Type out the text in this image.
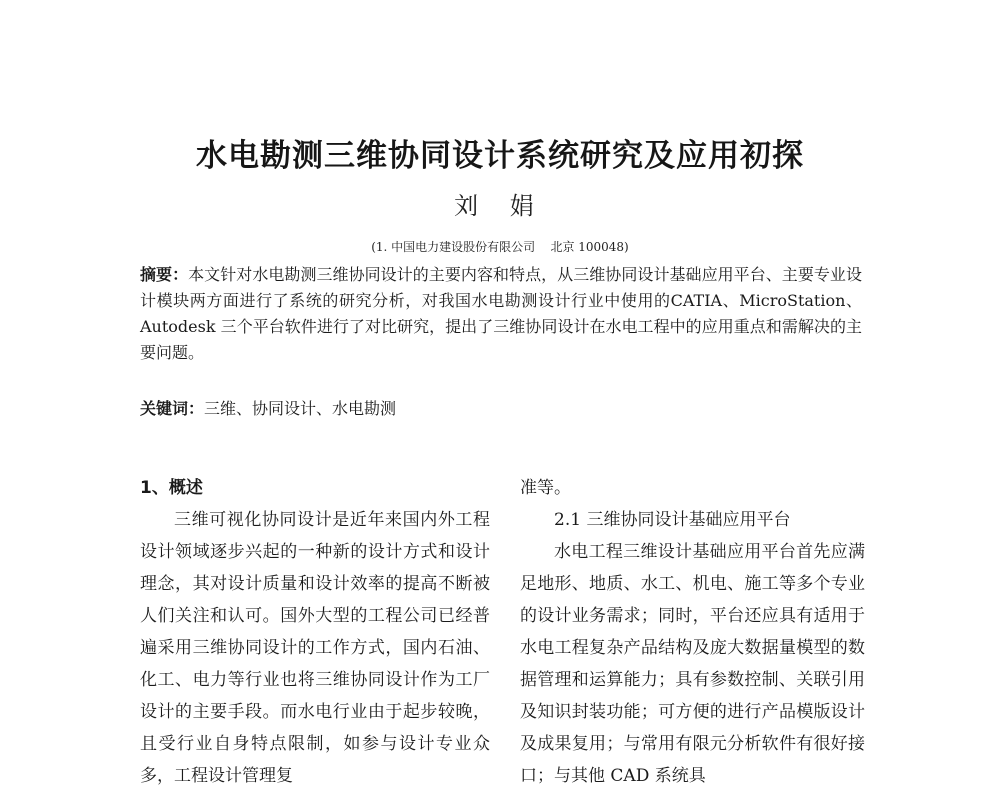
水电勘测三维协同设计系统研究及应用初探
刘 娟
(1. 中国电力建设股份有限公司    北京 100048)
摘要：本文针对水电勘测三维协同设计的主要内容和特点，从三维协同设计基础应用平台、主要专业设计模块两方面进行了系统的研究分析，对我国水电勘测设计行业中使用的CATIA、MicroStation、Autodesk 三个平台软件进行了对比研究，提出了三维协同设计在水电工程中的应用重点和需解决的主要问题。
关键词：三维、协同设计、水电勘测
1、概述
三维可视化协同设计是近年来国内外工程设计领域逐步兴起的一种新的设计方式和设计理念，其对设计质量和设计效率的提高不断被人们关注和认可。国外大型的工程公司已经普遍采用三维协同设计的工作方式，国内石油、化工、电力等行业也将三维协同设计作为工厂设计的主要手段。而水电行业由于起步较晚，且受行业自身特点限制，如参与设计专业众多，工程设计管理复
准等。
2.1 三维协同设计基础应用平台
水电工程三维设计基础应用平台首先应满足地形、地质、水工、机电、施工等多个专业的设计业务需求；同时，平台还应具有适用于水电工程复杂产品结构及庞大数据量模型的数据管理和运算能力；具有参数控制、关联引用及知识封装功能；可方便的进行产品模版设计及成果复用；与常用有限元分析软件有很好接口；与其他 CAD 系统具
